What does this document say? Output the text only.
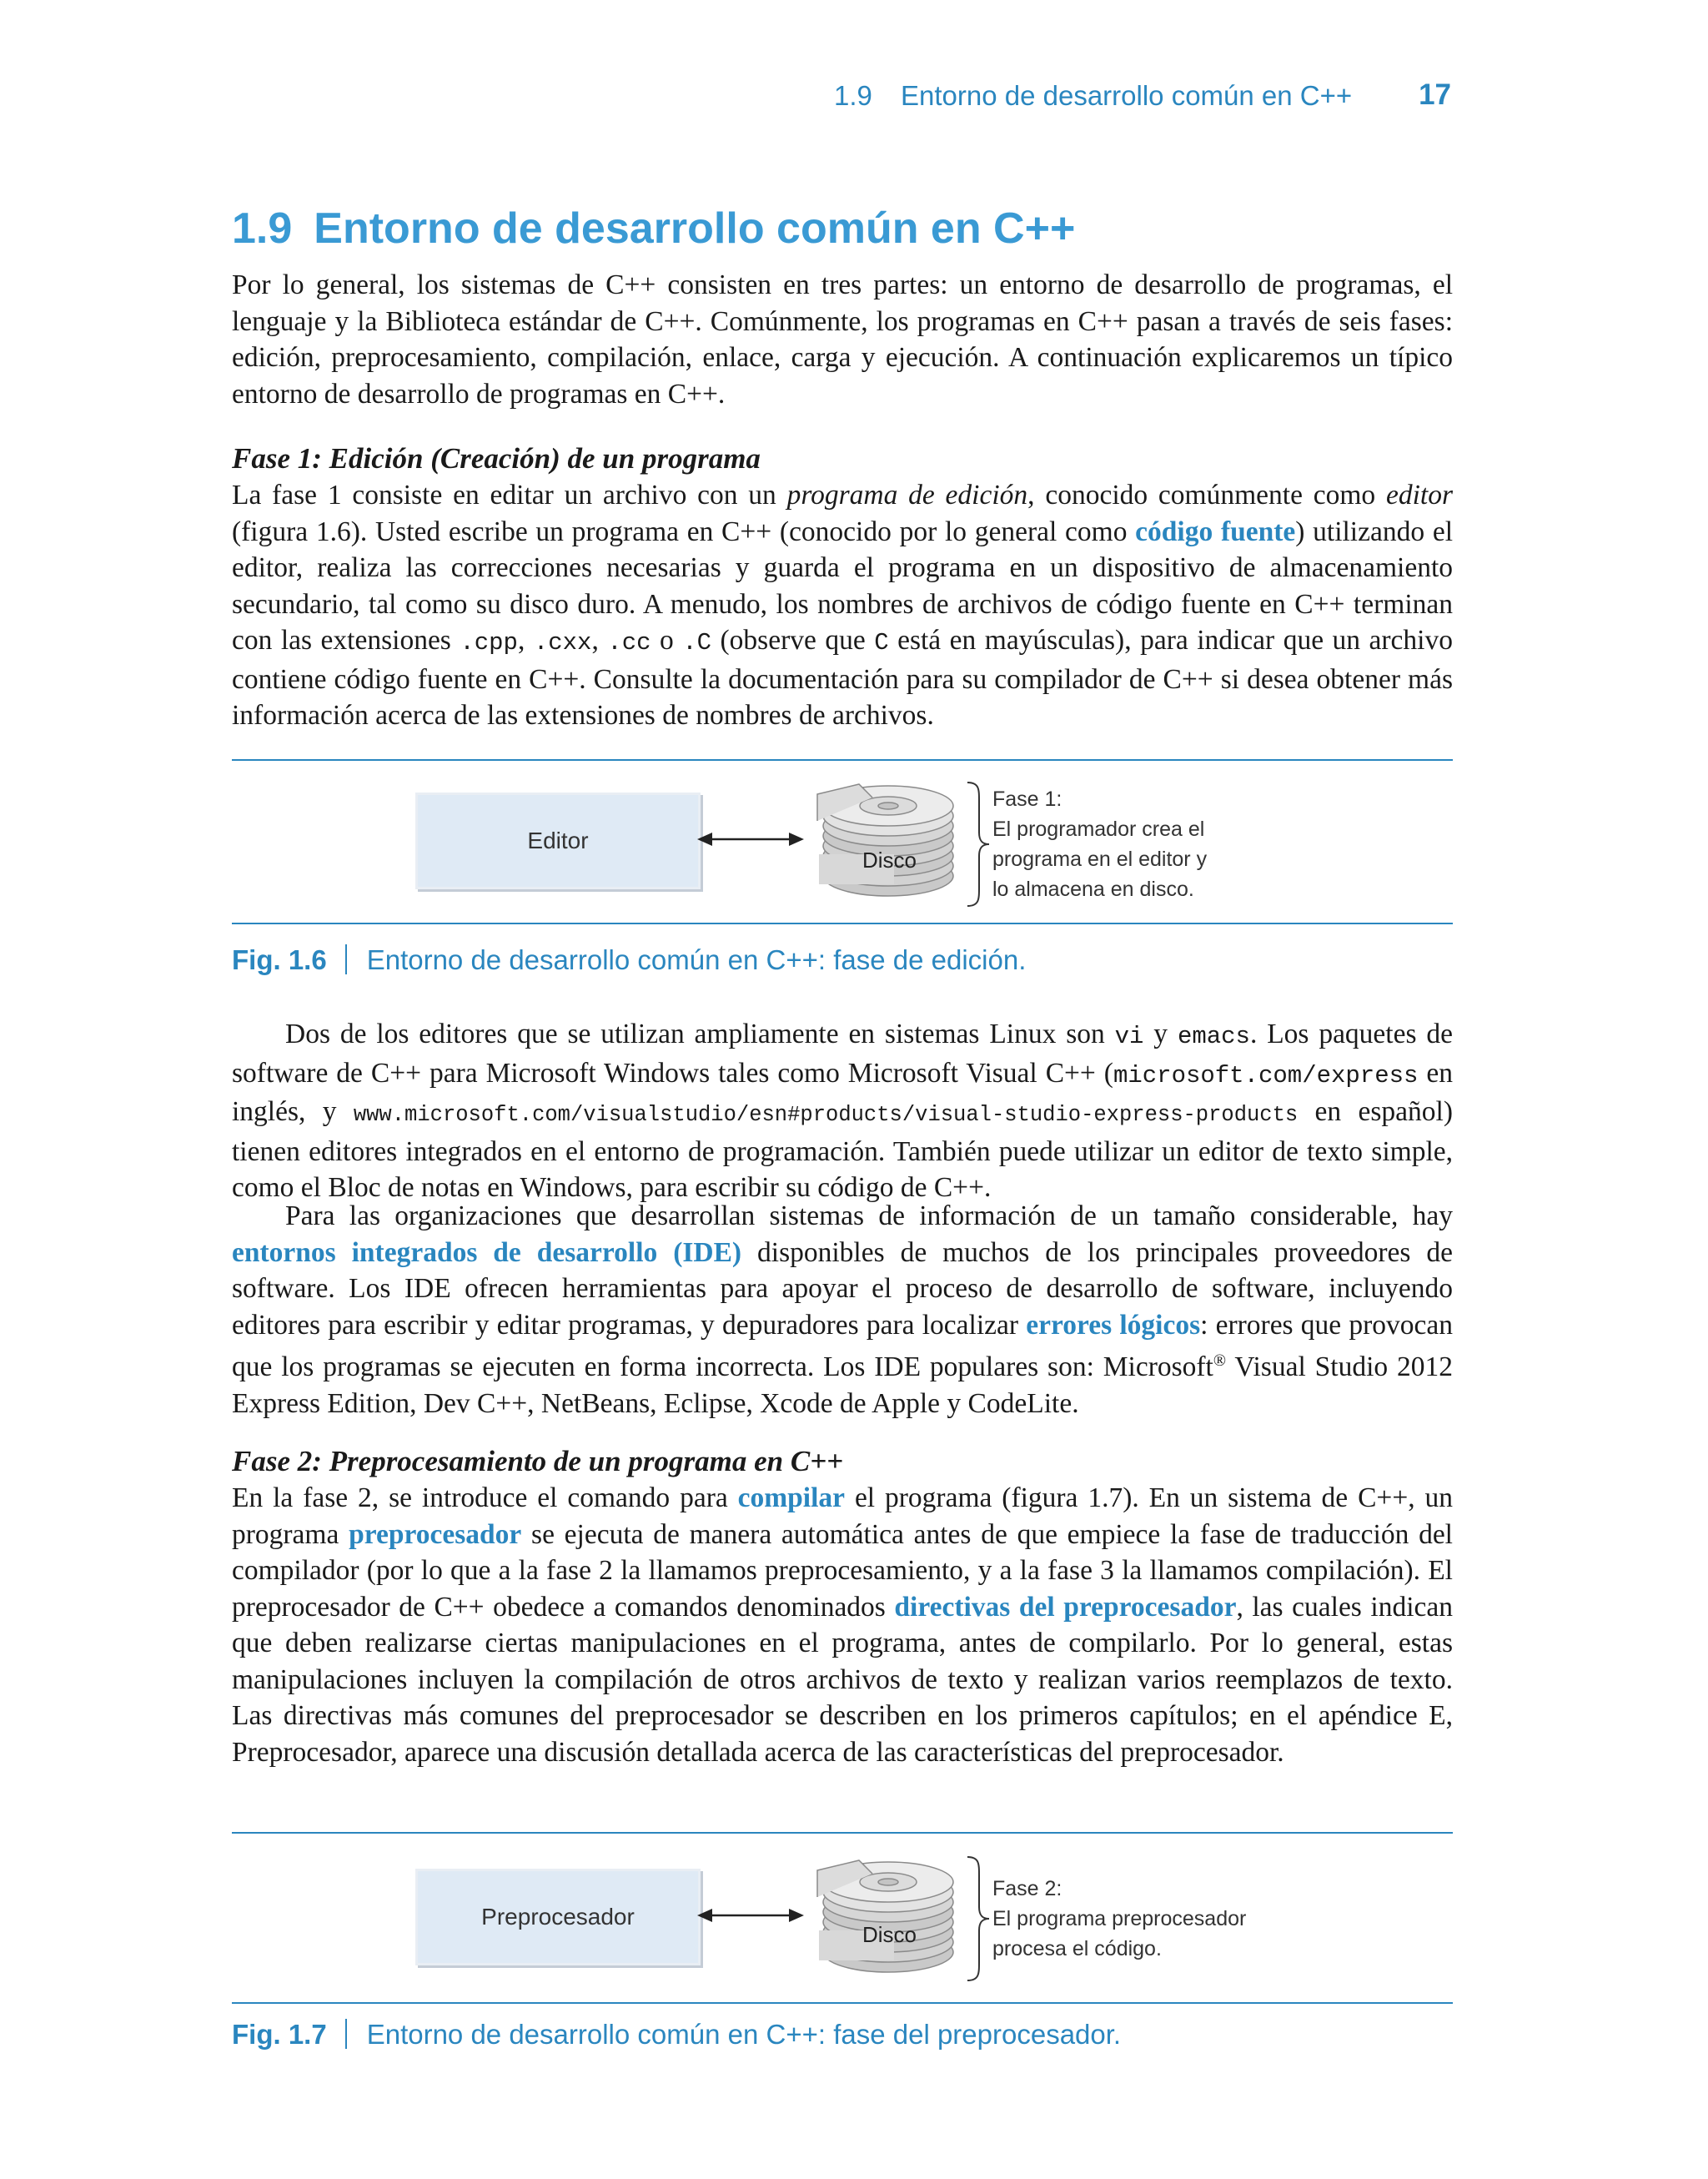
1.9 Entorno de desarrollo común en C++ 17
1.9 Entorno de desarrollo común en C++

Por lo general, los sistemas de C++ consisten en tres partes: un entorno de desarrollo de programas, el lenguaje y la Biblioteca estándar de C++. Comúnmente, los programas en C++ pasan a través de seis fases: edición, preprocesamiento, compilación, enlace, carga y ejecución. A continuación explicaremos un típico entorno de desarrollo de programas en C++.

Fase 1: Edición (Creación) de un programa

La fase 1 consiste en editar un archivo con un programa de edición, conocido comúnmente como editor (figura 1.6). Usted escribe un programa en C++ (conocido por lo general como código fuente) utilizando el editor, realiza las correcciones necesarias y guarda el programa en un dispositivo de almacenamiento secundario, tal como su disco duro. A menudo, los nombres de archivos de código fuente en C++ terminan con las extensiones .cpp, .cxx, .cc o .C (observe que C está en mayúsculas), para indicar que un archivo contiene código fuente en C++. Consulte la documentación para su compilador de C++ si desea obtener más información acerca de las extensiones de nombres de archivos.

Editor
Disco
Fase 1:
El programador crea el
programa en el editor y
lo almacena en disco.
Fig. 1.6 Entorno de desarrollo común en C++: fase de edición.

Dos de los editores que se utilizan ampliamente en sistemas Linux son vi y emacs. Los paquetes de software de C++ para Microsoft Windows tales como Microsoft Visual C++ (microsoft.com/express en inglés, y www.microsoft.com/visualstudio/esn#products/visual-studio-express-products en español) tienen editores integrados en el entorno de programación. También puede utilizar un editor de texto simple, como el Bloc de notas en Windows, para escribir su código de C++.

Para las organizaciones que desarrollan sistemas de información de un tamaño considerable, hay entornos integrados de desarrollo (IDE) disponibles de muchos de los principales proveedores de software. Los IDE ofrecen herramientas para apoyar el proceso de desarrollo de software, incluyendo editores para escribir y editar programas, y depuradores para localizar errores lógicos: errores que provocan que los programas se ejecuten en forma incorrecta. Los IDE populares son: Microsoft® Visual Studio 2012 Express Edition, Dev C++, NetBeans, Eclipse, Xcode de Apple y CodeLite.

Fase 2: Preprocesamiento de un programa en C++

En la fase 2, se introduce el comando para compilar el programa (figura 1.7). En un sistema de C++, un programa preprocesador se ejecuta de manera automática antes de que empiece la fase de traducción del compilador (por lo que a la fase 2 la llamamos preprocesamiento, y a la fase 3 la llamamos compilación). El preprocesador de C++ obedece a comandos denominados directivas del preprocesador, las cuales indican que deben realizarse ciertas manipulaciones en el programa, antes de compilarlo. Por lo general, estas manipulaciones incluyen la compilación de otros archivos de texto y realizan varios reemplazos de texto. Las directivas más comunes del preprocesador se describen en los primeros capítulos; en el apéndice E, Preprocesador, aparece una discusión detallada acerca de las características del preprocesador.

Preprocesador
Disco
Fase 2:
El programa preprocesador
procesa el código.
Fig. 1.7 Entorno de desarrollo común en C++: fase del preprocesador.
